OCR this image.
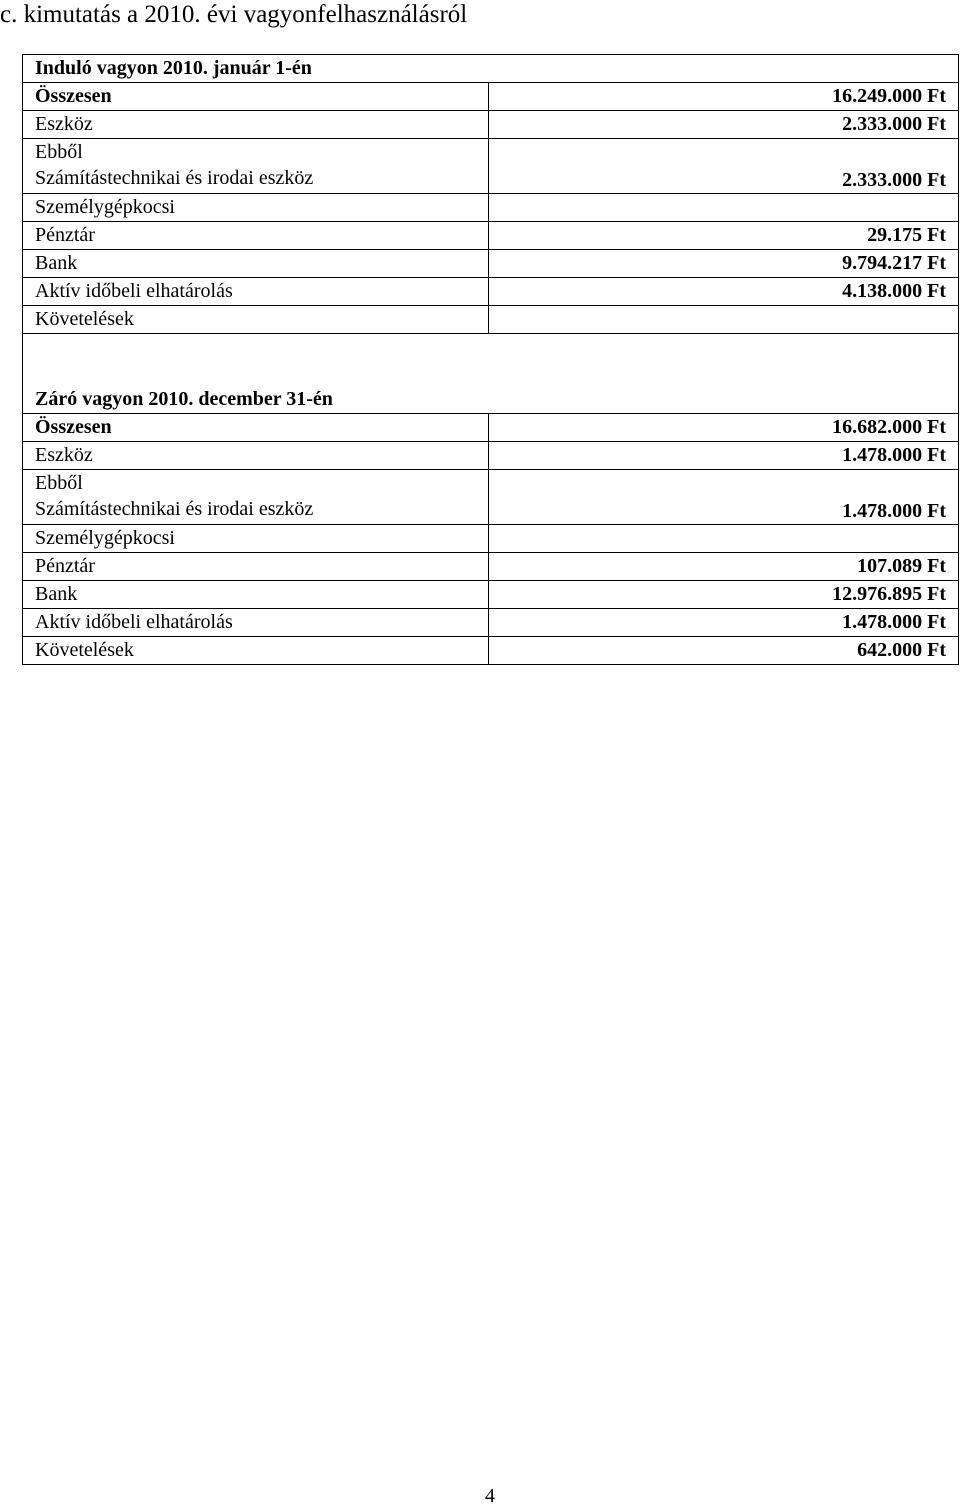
c. kimutatás a 2010. évi vagyonfelhasználásról
Induló vagyon 2010. január 1-én	
Összesen	16.249.000 Ft
Eszköz	2.333.000 Ft

Ebből
Számítástechnikai és irodai eszköz	2.333.000 Ft
Személygépkocsi	
Pénztár	29.175 Ft
Bank	9.794.217 Ft
Aktív időbeli elhatárolás	4.138.000 Ft
Követelések	

Záró vagyon 2010. december 31-én	
Összesen	16.682.000 Ft
Eszköz	1.478.000 Ft

Ebből
Számítástechnikai és irodai eszköz	1.478.000 Ft
Személygépkocsi	
Pénztár	107.089 Ft
Bank	12.976.895 Ft
Aktív időbeli elhatárolás	1.478.000 Ft
Követelések	642.000 Ft
4
